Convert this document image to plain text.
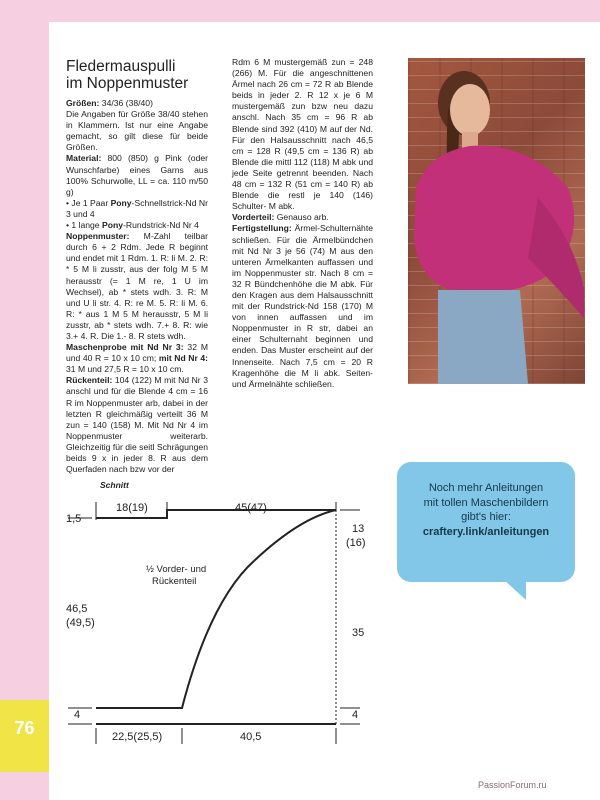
Fledermauspulli
im Noppenmuster

Größen: 34/36 (38/40)

Die Angaben für Größe 38/40 stehen in Klammern. Ist nur eine Angabe gemacht, so gilt diese für beide Größen.

Material: 800 (850) g Pink (oder Wunschfarbe) eines Garns aus 100% Schurwolle, LL = ca. 110 m/50 g)

• Je 1 Paar Pony-Schnellstrick-Nd Nr 3 und 4

• 1 lange Pony-Rundstrick-Nd Nr 4

Noppenmuster: M-Zahl teilbar durch 6 + 2 Rdm. Jede R beginnt und endet mit 1 Rdm. 1. R: li M. 2. R: * 5 M li zusstr, aus der folg M 5 M herausstr (= 1 M re, 1 U im Wechsel), ab * stets wdh. 3. R: M und U li str. 4. R: re M. 5. R: li M. 6. R: * aus 1 M 5 M herausstr, 5 M li zusstr, ab * stets wdh. 7.+ 8. R: wie 3.+ 4. R. Die 1.- 8. R stets wdh.

Maschenprobe mit Nd Nr 3: 32 M und 40 R = 10 x 10 cm; mit Nd Nr 4: 31 M und 27,5 R = 10 x 10 cm.

Rückenteil: 104 (122) M mit Nd Nr 3 anschl und für die Blende 4 cm = 16 R im Noppenmuster arb, dabei in der letzten R gleichmäßig verteilt 36 M zun = 140 (158) M. Mit Nd Nr 4 im Noppenmuster weiterarb. Gleichzeitig für die seitl Schrägungen beids 9 x in jeder 8. R aus dem Querfaden nach bzw vor der

Rdm 6 M mustergemäß zun = 248 (266) M. Für die angeschnittenen Ärmel nach 26 cm = 72 R ab Blende beids in jeder 2. R 12 x je 6 M mustergemäß zun bzw neu dazu anschl. Nach 35 cm = 96 R ab Blende sind 392 (410) M auf der Nd. Für den Halsausschnitt nach 46,5 cm = 128 R (49,5 cm = 136 R) ab Blende die mittl 112 (118) M abk und jede Seite getrennt beenden. Nach 48 cm = 132 R (51 cm = 140 R) ab Blende die restl je 140 (146) Schulter- M abk.

Vorderteil: Genauso arb.

Fertigstellung: Ärmel-Schulternähte schließen. Für die Ärmelbündchen mit Nd Nr 3 je 56 (74) M aus den unteren Ärmelkanten auffassen und im Noppenmuster str. Nach 8 cm = 32 R Bündchenhöhe die M abk. Für den Kragen aus dem Halsausschnitt mit der Rundstrick-Nd 158 (170) M von innen auffassen und im Noppenmuster in R str, dabei an einer Schulternaht beginnen und enden. Das Muster erscheint auf der Innenseite. Nach 7,5 cm = 20 R Kragenhöhe die M li abk. Seiten- und Ärmelnähte schließen.

Foto: Sophie Jendreyko
Noch mehr Anleitungen
mit tollen Maschenbildern
gibt's hier:
craftery.link/anleitungen
Schnitt
18(19)	45(47)
1,5
46,5
(49,5)
4
13
(16)
35
4
22,5(25,5)	40,5
½ Vorder- und
Rückenteil
76
PassionForum.ru
